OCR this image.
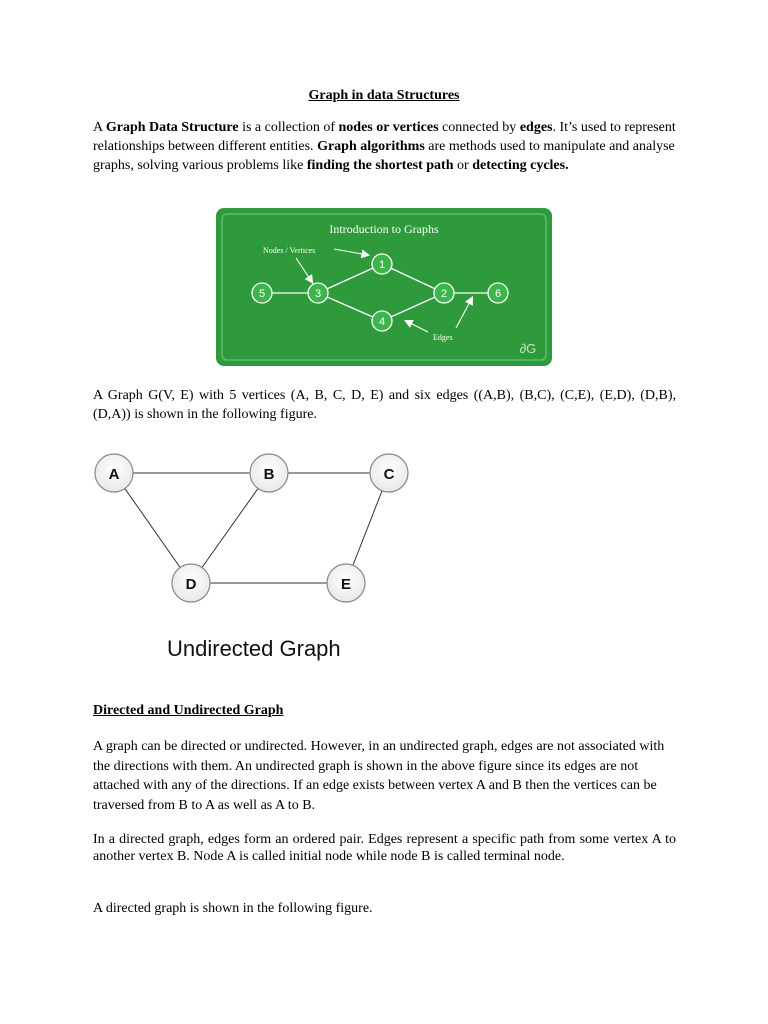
Graph in data Structures
A Graph Data Structure is a collection of nodes or vertices connected by edges. It’s used to represent relationships between different entities. Graph algorithms are methods used to manipulate and analyse graphs, solving various problems like finding the shortest path or detecting cycles.
Introduction to Graphs
Nodes / Vertices
Edges
5	3
1
4
2	6
∂G
A Graph G(V, E) with 5 vertices (A, B, C, D, E) and six edges ((A,B), (B,C), (C,E), (E,D), (D,B), (D,A)) is shown in the following figure.
A	B	C
D	E
Undirected Graph
Directed and Undirected Graph
A graph can be directed or undirected. However, in an undirected graph, edges are not associated with the directions with them. An undirected graph is shown in the above figure since its edges are not attached with any of the directions. If an edge exists between vertex A and B then the vertices can be traversed from B to A as well as A to B.
In a directed graph, edges form an ordered pair. Edges represent a specific path from some vertex A to another vertex B. Node A is called initial node while node B is called terminal node.
A directed graph is shown in the following figure.
